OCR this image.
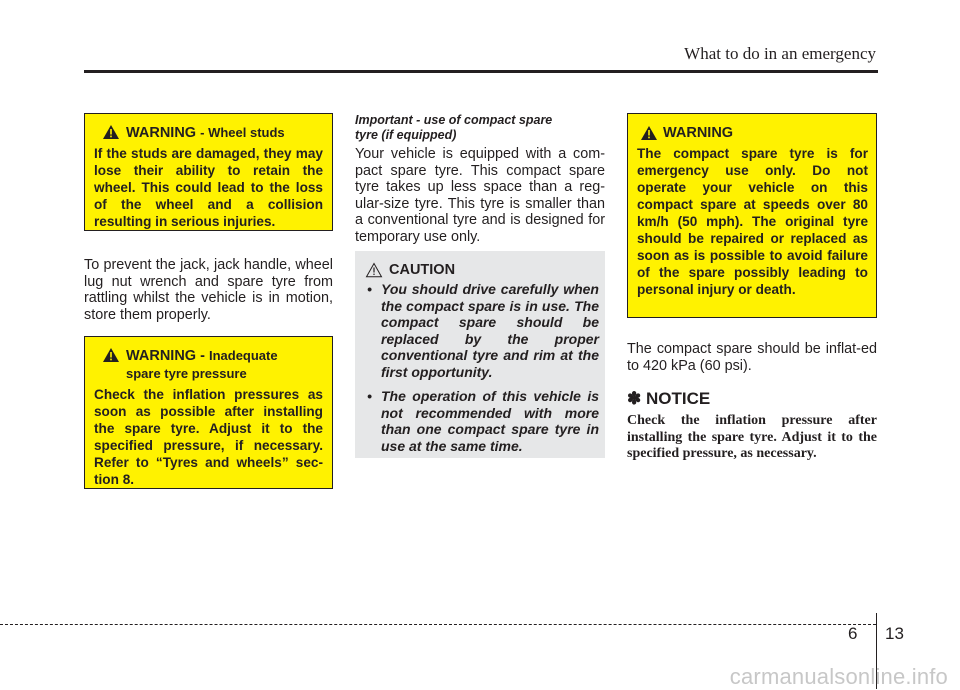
What to do in an emergency
WARNING - Wheel studs
If the studs are damaged, they may lose their ability to retain the wheel. This could lead to the loss of the wheel and a collision resulting in serious injuries.
To prevent the jack, jack handle, wheel lug nut wrench and spare tyre from rattling whilst the vehicle is in motion, store them properly.
WARNING - Inadequate
spare tyre pressure
Check the inflation pressures as soon as possible after installing the spare tyre. Adjust it to the specified pressure, if necessary. Refer to “Tyres and wheels” sec-tion 8.
Important - use of compact spare
tyre (if equipped)
Your vehicle is equipped with a com-pact spare tyre. This compact spare tyre takes up less space than a reg-ular-size tyre. This tyre is smaller than a conventional tyre and is designed for temporary use only.
CAUTION
• You should drive carefully when the compact spare is in use. The compact spare should be replaced by the proper conventional tyre and rim at the first opportunity.
• The operation of this vehicle is not recommended with more than one compact spare tyre in use at the same time.
WARNING
The compact spare tyre is for emergency use only. Do not operate your vehicle on this compact spare at speeds over 80 km/h (50 mph). The original tyre should be repaired or replaced as soon as is possible to avoid failure of the spare possibly leading to personal injury or death.
The compact spare should be inflat-ed to 420 kPa (60 psi).
✽ NOTICE
Check the inflation pressure after installing the spare tyre. Adjust it to the specified pressure, as necessary.
6 13
carmanualsonline.info
